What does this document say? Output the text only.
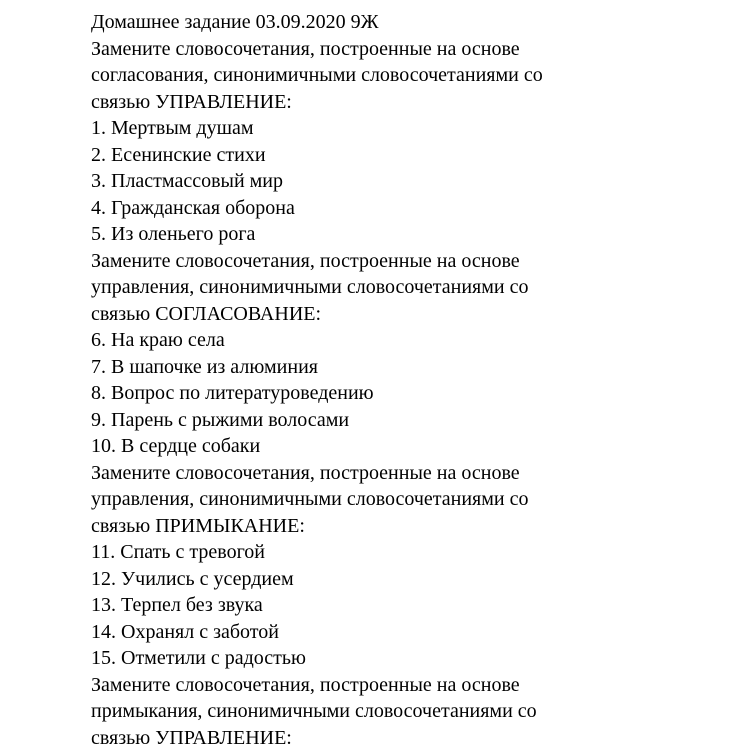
Домашнее задание 03.09.2020 9Ж
Замените словосочетания, построенные на основе
согласования, синонимичными словосочетаниями со
связью УПРАВЛЕНИЕ:
1. Мертвым душам
2. Есенинские стихи
3. Пластмассовый мир
4. Гражданская оборона
5. Из оленьего рога
Замените словосочетания, построенные на основе
управления, синонимичными словосочетаниями со
связью СОГЛАСОВАНИЕ:
6. На краю села
7. В шапочке из алюминия
8. Вопрос по литературоведению
9. Парень с рыжими волосами
10. В сердце собаки
Замените словосочетания, построенные на основе
управления, синонимичными словосочетаниями со
связью ПРИМЫКАНИЕ:
11. Спать с тревогой
12. Учились с усердием
13. Терпел без звука
14. Охранял с заботой
15. Отметили с радостью
Замените словосочетания, построенные на основе
примыкания, синонимичными словосочетаниями со
связью УПРАВЛЕНИЕ:
